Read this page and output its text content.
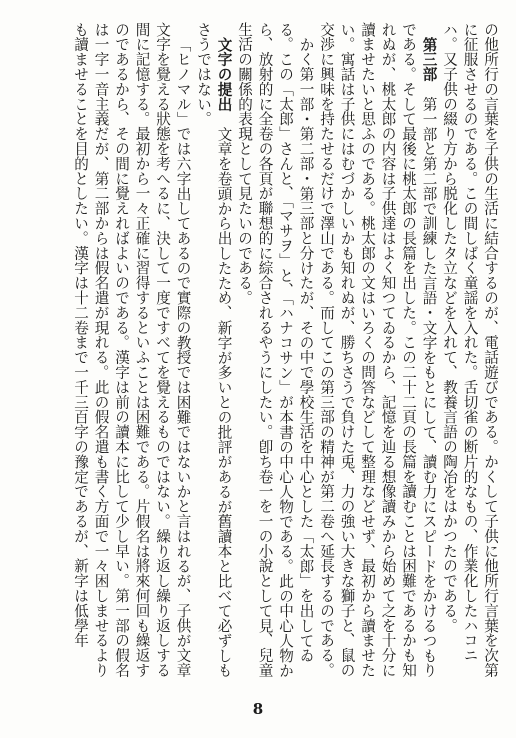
の他所行の言葉を子供の生活に結合するのが、電話遊びである。かくして子供に他所行言葉を次第に征服させるのである。この間しばく童謡を入れた。舌切雀の断片的なもの、作業化したハコニハ。又子供の綴り方から脱化したタ立などを入れて、教養言語の陶冶をはかつたのである。

第三部　第一部と第二部で訓練した言語・文字をもとにして、讀む力にスピードをかけるつもりである。そして最後に桃太郎の長篇を出した。この二十二頁の長篇を讀むことは困難であるかも知れぬが、桃太郎の内容は子供達はよく知つてゐるから、記憶を辿る想像讀みから始めて之を十分に讀ませたいと思ふのである。桃太郎の文はいろくの問答などして整理などせず、最初から讀ませたい。寓話は子供にはむづかしいかも知れぬが、勝ちさうで負けた兎、力の強い大きな獅子と、鼠の交渉に興味を持たせるだけで澤山である。而してこの第三部の精神が第二卷へ延長するのである。

かく第一部・第二部・第三部と分けたが、その中で學校生活を中心とした「太郎」を出してゐる。この「太郎」さんと、「マサヲ」と、「ハナコサン」が本書の中心人物である。此の中心人物から、放射的に全卷の各頁が聯想的に綜合されるやうにしたい。卽ち卷一を一の小說として見、兒童生活の關係的表現として見たいのである。

文字の提出　文章を卷頭から出したため、新字が多いとの批評があるが舊讀本と比べて必ずしもさうではない。

「ヒノマル」では六字出してあるので實際の教授では困難ではないかと言はれるが、子供が文章文字を覺える狀態を考へるに、決して一度ですべてを覺えるものではない。繰り返し繰り返しする間に記憶する。最初から一々正確に習得するといふことは困難である。片假名は將來何回も繰返すのであるから、その間に覺えればよいのである。漢字は前の讀本に比して少し早い。第一部の假名は一字一音主義だが、第二部からは假名遣が現れる。此の假名遣も書く方面で一々困しませるよりも讀ませることを目的としたい。漢字は十二卷まで一千三百字の豫定であるが、新字は低學年

8
